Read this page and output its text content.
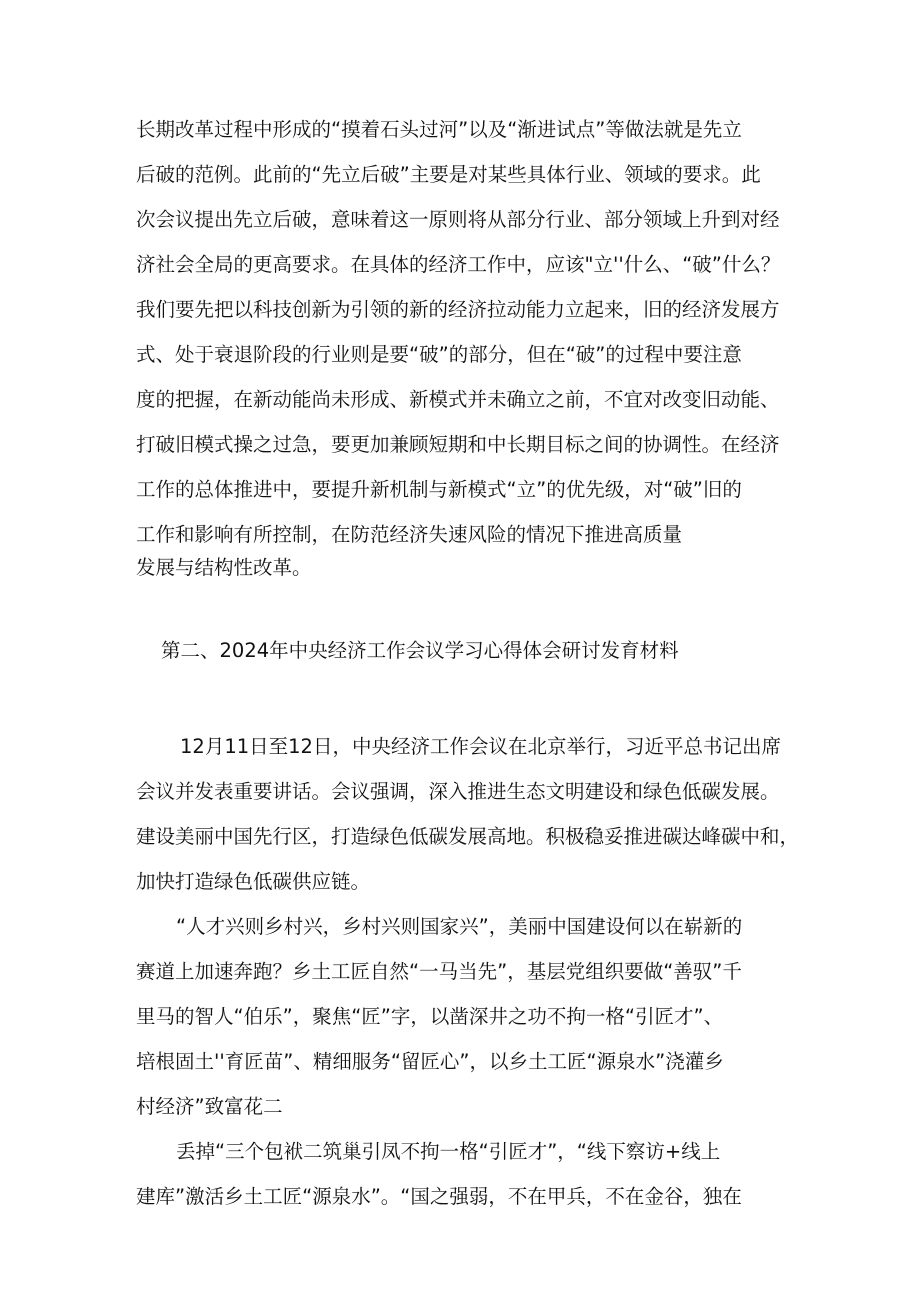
长期改革过程中形成的“摸着石头过河”以及“渐进试点”等做法就是先立
后破的范例。此前的“先立后破”主要是对某些具体行业、领域的要求。此
次会议提出先立后破，意味着这一原则将从部分行业、部分领域上升到对经
济社会全局的更高要求。在具体的经济工作中，应该"立''什么、“破”什么？
我们要先把以科技创新为引领的新的经济拉动能力立起来，旧的经济发展方
式、处于衰退阶段的行业则是要“破”的部分，但在“破”的过程中要注意
度的把握，在新动能尚未形成、新模式并未确立之前，不宜对改变旧动能、
打破旧模式操之过急，要更加兼顾短期和中长期目标之间的协调性。在经济
工作的总体推进中，要提升新机制与新模式“立”的优先级，对“破”旧的
工作和影响有所控制，在防范经济失速风险的情况下推进高质量
发展与结构性改革。
第二、2024年中央经济工作会议学习心得体会研讨发育材料
12月11日至12日，中央经济工作会议在北京举行，习近平总书记出席
会议并发表重要讲话。会议强调，深入推进生态文明建设和绿色低碳发展。
建设美丽中国先行区，打造绿色低碳发展高地。积极稳妥推进碳达峰碳中和，
加快打造绿色低碳供应链。
“人才兴则乡村兴，乡村兴则国家兴”，美丽中国建设何以在崭新的
赛道上加速奔跑？乡土工匠自然“一马当先”，基层党组织要做“善驭”千
里马的智人“伯乐”，聚焦“匠”字，以凿深井之功不拘一格“引匠才”、
培根固土''育匠苗”、精细服务“留匠心”，以乡土工匠“源泉水”浇灌乡
村经济”致富花二
丢掉“三个包袱二筑巢引凤不拘一格“引匠才”，“线下察访+线上
建库”激活乡土工匠“源泉水”。“国之强弱，不在甲兵，不在金谷，独在
